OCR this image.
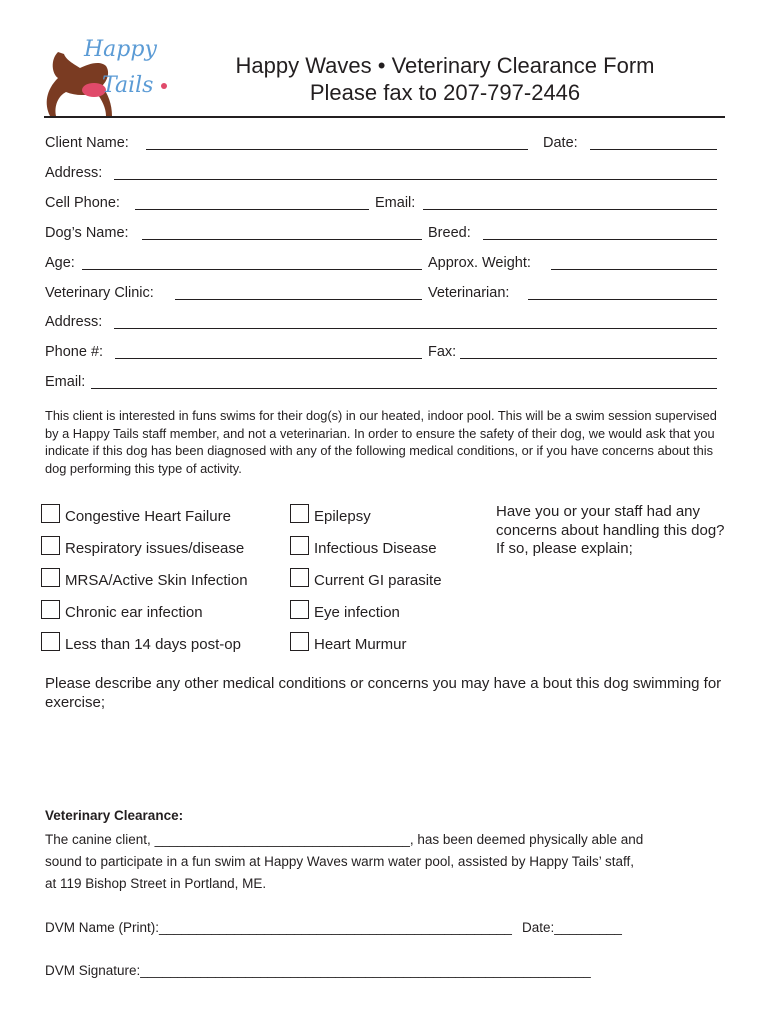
Happy
Tails
Happy Waves • Veterinary Clearance Form
Please fax to 207-797-2446
Client Name:	Date:
Address:
Cell Phone:	Email:
Dog’s Name:	Breed:
Age:	Approx. Weight:
Veterinary Clinic:	Veterinarian:
Address:
Phone #:	Fax:
Email:
This client is interested in funs swims for their dog(s) in our heated, indoor pool. This will be a swim session supervised by a Happy Tails staff member, and not a veterinarian. In order to ensure the safety of their dog, we would ask that you indicate if this dog has been diagnosed with any of the following medical conditions, or if you have concerns about this dog performing this type of activity.
Congestive Heart Failure
Respiratory issues/disease
MRSA/Active Skin Infection
Chronic ear infection
Less than 14 days post-op
Epilepsy
Infectious Disease
Current GI parasite
Eye infection
Heart Murmur
Have you or your staff had any concerns about handling this dog? If so, please explain;
Please describe any other medical conditions or concerns you may have a bout this dog swimming for exercise;
Veterinary Clearance:
The canine client, __________________________________, has been deemed physically able and
sound to participate in a fun swim at Happy Waves warm water pool, assisted by Happy Tails’ staff,
at 119 Bishop Street in Portland, ME.
DVM Name (Print):_______________________________________________ Date:_________
DVM Signature:____________________________________________________________
